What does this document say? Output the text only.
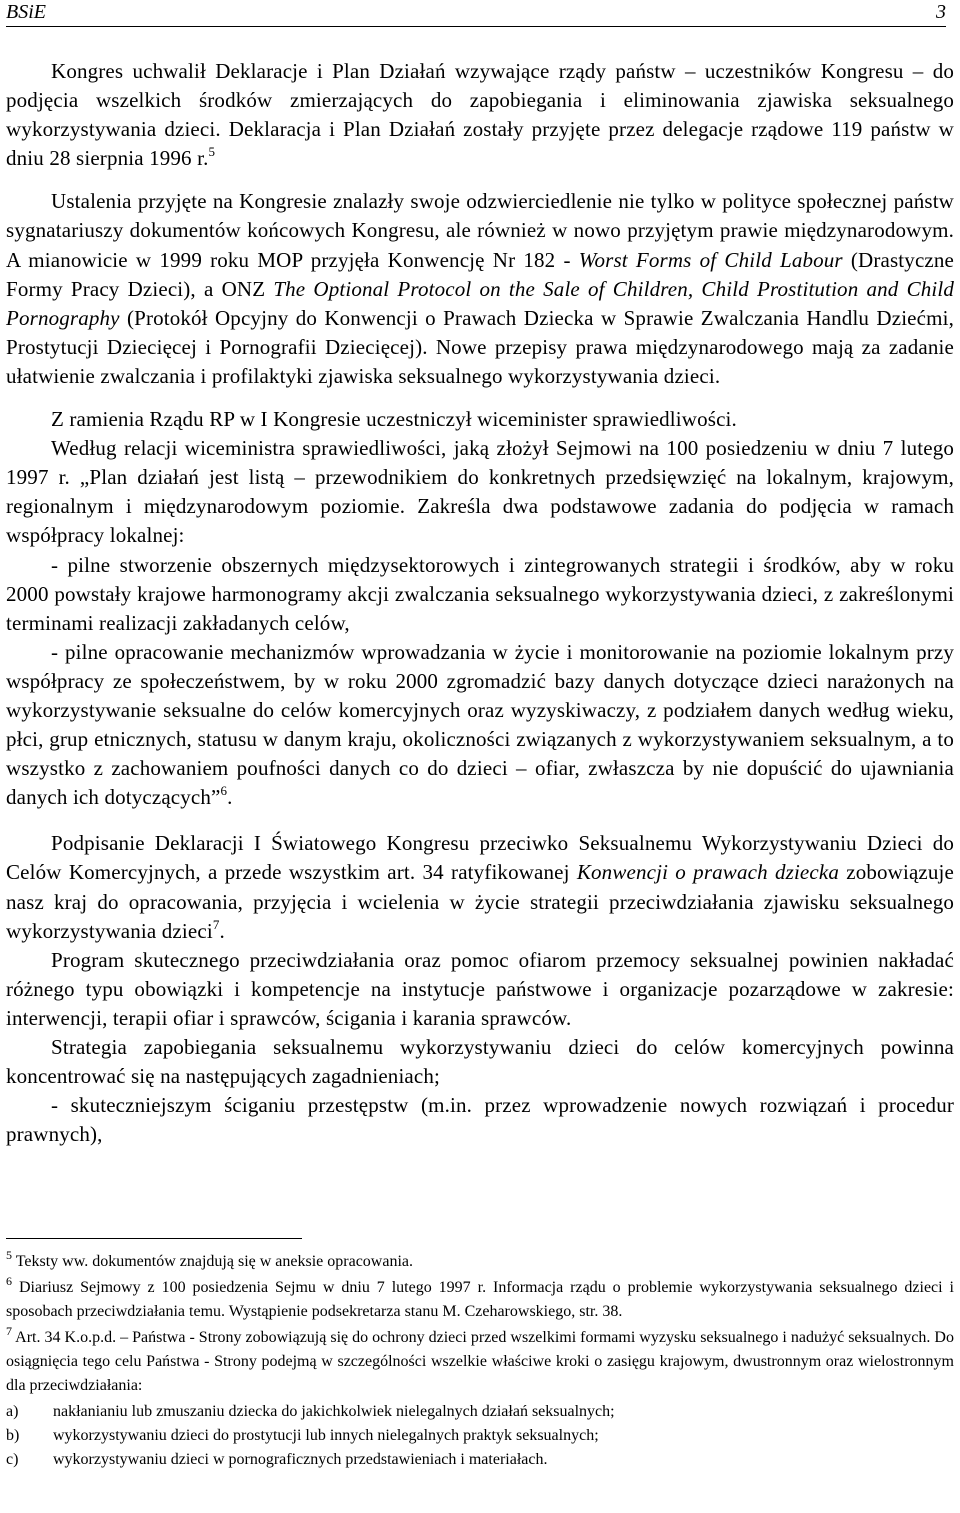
BSiE	3

Kongres uchwalił Deklaracje i Plan Działań wzywające rządy państw – uczestników Kongresu – do podjęcia wszelkich środków zmierzających do zapobiegania i eliminowania zjawiska seksualnego wykorzystywania dzieci. Deklaracja i Plan Działań zostały przyjęte przez delegacje rządowe 119 państw w dniu 28 sierpnia 1996 r.$^5$

Ustalenia przyjęte na Kongresie znalazły swoje odzwierciedlenie nie tylko w polityce społecznej państw sygnatariuszy dokumentów końcowych Kongresu, ale również w nowo przyjętym prawie międzynarodowym. A mianowicie w 1999 roku MOP przyjęła Konwencję Nr 182 - Worst Forms of Child Labour (Drastyczne Formy Pracy Dzieci), a ONZ The Optional Protocol on the Sale of Children, Child Prostitution and Child Pornography (Protokół Opcyjny do Konwencji o Prawach Dziecka w Sprawie Zwalczania Handlu Dziećmi, Prostytucji Dziecięcej i Pornografii Dziecięcej). Nowe przepisy prawa międzynarodowego mają za zadanie ułatwienie zwalczania i profilaktyki zjawiska seksualnego wykorzystywania dzieci.

Z ramienia Rządu RP w I Kongresie uczestniczył wiceminister sprawiedliwości.

Według relacji wiceministra sprawiedliwości, jaką złożył Sejmowi na 100 posiedzeniu w dniu 7 lutego 1997 r. „Plan działań jest listą – przewodnikiem do konkretnych przedsięwzięć na lokalnym, krajowym, regionalnym i międzynarodowym poziomie. Zakreśla dwa podstawowe zadania do podjęcia w ramach współpracy lokalnej:

- pilne stworzenie obszernych międzysektorowych i zintegrowanych strategii i środków, aby w roku 2000 powstały krajowe harmonogramy akcji zwalczania seksualnego wykorzystywania dzieci, z zakreślonymi terminami realizacji zakładanych celów,

- pilne opracowanie mechanizmów wprowadzania w życie i monitorowanie na poziomie lokalnym przy współpracy ze społeczeństwem, by w roku 2000 zgromadzić bazy danych dotyczące dzieci narażonych na wykorzystywanie seksualne do celów komercyjnych oraz wyzyskiwaczy, z podziałem danych według wieku, płci, grup etnicznych, statusu w danym kraju, okoliczności związanych z wykorzystywaniem seksualnym, a to wszystko z zachowaniem poufności danych co do dzieci – ofiar, zwłaszcza by nie dopuścić do ujawniania danych ich dotyczących”$^6$.

Podpisanie Deklaracji I Światowego Kongresu przeciwko Seksualnemu Wykorzystywaniu Dzieci do Celów Komercyjnych, a przede wszystkim art. 34 ratyfikowanej Konwencji o prawach dziecka zobowiązuje nasz kraj do opracowania, przyjęcia i wcielenia w życie strategii przeciwdziałania zjawisku seksualnego wykorzystywania dzieci$^7$.

Program skutecznego przeciwdziałania oraz pomoc ofiarom przemocy seksualnej powinien nakładać różnego typu obowiązki i kompetencje na instytucje państwowe i organizacje pozarządowe w zakresie: interwencji, terapii ofiar i sprawców, ścigania i karania sprawców.

Strategia zapobiegania seksualnemu wykorzystywaniu dzieci do celów komercyjnych powinna koncentrować się na następujących zagadnieniach;

- skuteczniejszym ściganiu przestępstw (m.in. przez wprowadzenie nowych rozwiązań i procedur prawnych),

$^5$ Teksty ww. dokumentów znajdują się w aneksie opracowania.

$^6$ Diariusz Sejmowy z 100 posiedzenia Sejmu w dniu 7 lutego 1997 r. Informacja rządu o problemie wykorzystywania seksualnego dzieci i sposobach przeciwdziałania temu. Wystąpienie podsekretarza stanu M. Czeharowskiego, str. 38.

$^7$ Art. 34 K.o.p.d. – Państwa - Strony zobowiązują się do ochrony dzieci przed wszelkimi formami wyzysku seksualnego i nadużyć seksualnych. Do osiągnięcia tego celu Państwa - Strony podejmą w szczególności wszelkie właściwe kroki o zasięgu krajowym, dwustronnym oraz wielostronnym dla przeciwdziałania:

a)	nakłanianiu lub zmuszaniu dziecka do jakichkolwiek nielegalnych działań seksualnych;
b)	wykorzystywaniu dzieci do prostytucji lub innych nielegalnych praktyk seksualnych;
c)	wykorzystywaniu dzieci w pornograficznych przedstawieniach i materiałach.
